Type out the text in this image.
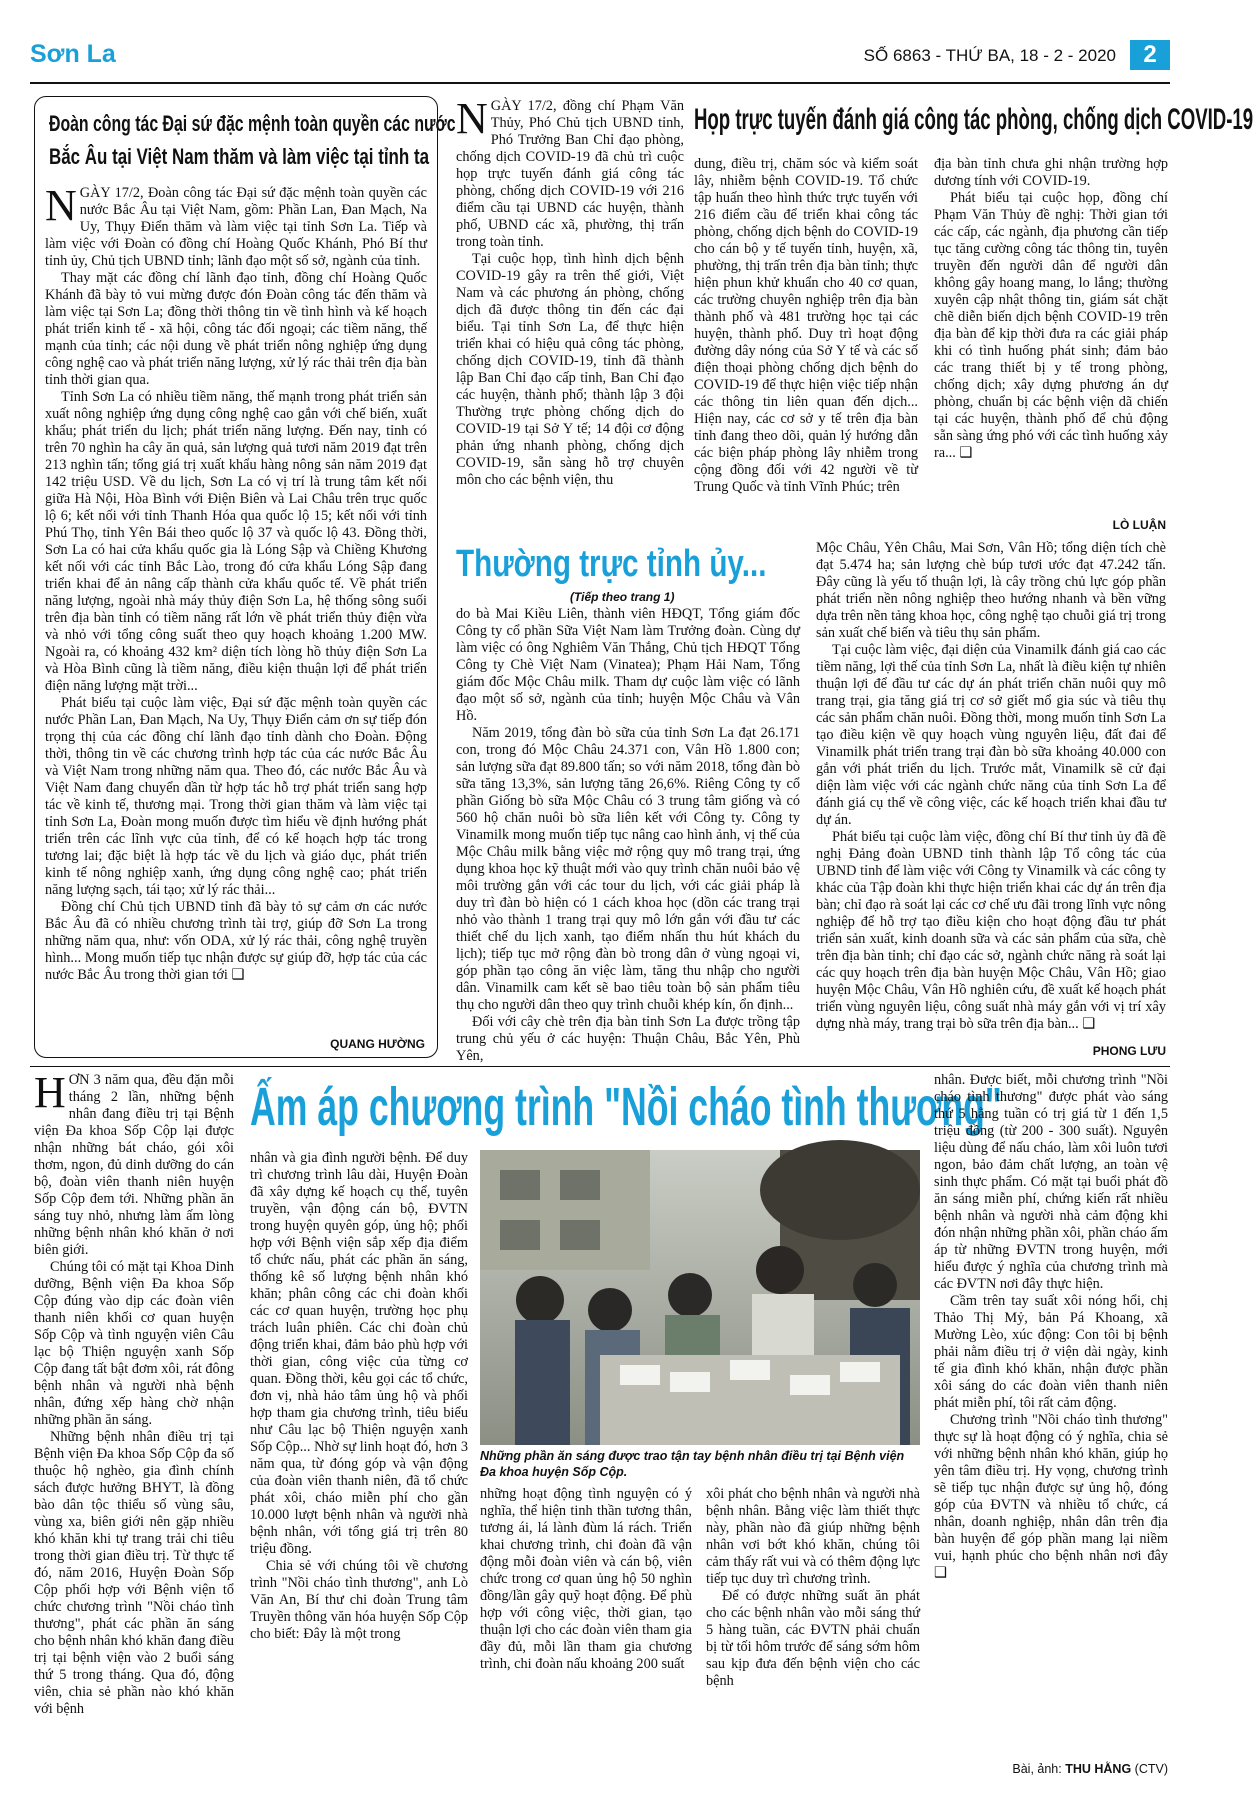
Sơn La	SỐ 6863 - THỨ BA, 18 - 2 - 2020	2
Đoàn công tác Đại sứ đặc mệnh toàn quyền các nước
Bắc Âu tại Việt Nam thăm và làm việc tại tỉnh ta

NGÀY 17/2, Đoàn công tác Đại sứ đặc mệnh toàn quyền các nước Bắc Âu tại Việt Nam, gồm: Phần Lan, Đan Mạch, Na Uy, Thụy Điển thăm và làm việc tại tỉnh Sơn La. Tiếp và làm việc với Đoàn có đồng chí Hoàng Quốc Khánh, Phó Bí thư tỉnh ủy, Chủ tịch UBND tỉnh; lãnh đạo một số sở, ngành của tỉnh.

Thay mặt các đồng chí lãnh đạo tỉnh, đồng chí Hoàng Quốc Khánh đã bày tỏ vui mừng được đón Đoàn công tác đến thăm và làm việc tại Sơn La; đồng thời thông tin về tình hình và kế hoạch phát triển kinh tế - xã hội, công tác đối ngoại; các tiềm năng, thế mạnh của tỉnh; các nội dung về phát triển nông nghiệp ứng dụng công nghệ cao và phát triển năng lượng, xử lý rác thải trên địa bàn tỉnh thời gian qua.

Tỉnh Sơn La có nhiều tiềm năng, thế mạnh trong phát triển sản xuất nông nghiệp ứng dụng công nghệ cao gắn với chế biến, xuất khẩu; phát triển du lịch; phát triển năng lượng. Đến nay, tỉnh có trên 70 nghìn ha cây ăn quả, sản lượng quả tươi năm 2019 đạt trên 213 nghìn tấn; tổng giá trị xuất khẩu hàng nông sản năm 2019 đạt 142 triệu USD. Về du lịch, Sơn La có vị trí là trung tâm kết nối giữa Hà Nội, Hòa Bình với Điện Biên và Lai Châu trên trục quốc lộ 6; kết nối với tỉnh Thanh Hóa qua quốc lộ 15; kết nối với tỉnh Phú Thọ, tỉnh Yên Bái theo quốc lộ 37 và quốc lộ 43. Đồng thời, Sơn La có hai cửa khẩu quốc gia là Lóng Sập và Chiềng Khương kết nối với các tỉnh Bắc Lào, trong đó cửa khẩu Lóng Sập đang triển khai để ản nâng cấp thành cửa khẩu quốc tế. Về phát triển năng lượng, ngoài nhà máy thủy điện Sơn La, hệ thống sông suối trên địa bàn tỉnh có tiềm năng rất lớn về phát triển thủy điện vừa và nhỏ với tổng công suất theo quy hoạch khoảng 1.200 MW. Ngoài ra, có khoảng 432 km² diện tích lòng hồ thủy điện Sơn La và Hòa Bình cũng là tiềm năng, điều kiện thuận lợi để phát triển điện năng lượng mặt trời...

Phát biểu tại cuộc làm việc, Đại sứ đặc mệnh toàn quyền các nước Phần Lan, Đan Mạch, Na Uy, Thụy Điển cảm ơn sự tiếp đón trọng thị của các đồng chí lãnh đạo tỉnh dành cho Đoàn. Động thời, thông tin về các chương trình hợp tác của các nước Bắc Âu và Việt Nam trong những năm qua. Theo đó, các nước Bắc Âu và Việt Nam đang chuyển dần từ hợp tác hỗ trợ phát triển sang hợp tác về kinh tế, thương mại. Trong thời gian thăm và làm việc tại tỉnh Sơn La, Đoàn mong muốn được tìm hiểu về định hướng phát triển trên các lĩnh vực của tỉnh, để có kế hoạch hợp tác trong tương lai; đặc biệt là hợp tác về du lịch và giáo dục, phát triển kinh tế nông nghiệp xanh, ứng dụng công nghệ cao; phát triển năng lượng sạch, tái tạo; xử lý rác thải...

Đồng chí Chủ tịch UBND tỉnh đã bày tỏ sự cảm ơn các nước Bắc Âu đã có nhiều chương trình tài trợ, giúp đỡ Sơn La trong những năm qua, như: vốn ODA, xử lý rác thải, công nghệ truyền hình... Mong muốn tiếp tục nhận được sự giúp đỡ, hợp tác của các nước Bắc Âu trong thời gian tới ❑

QUANG HƯỜNG

NGÀY 17/2, đồng chí Phạm Văn Thủy, Phó Chủ tịch UBND tỉnh, Phó Trưởng Ban Chỉ đạo phòng, chống dịch COVID-19 đã chủ trì cuộc họp trực tuyến đánh giá công tác phòng, chống dịch COVID-19 với 216 điểm cầu tại UBND các huyện, thành phố, UBND các xã, phường, thị trấn trong toàn tỉnh.

Tại cuộc họp, tình hình dịch bệnh COVID-19 gây ra trên thế giới, Việt Nam và các phương án phòng, chống dịch đã được thông tin đến các đại biểu. Tại tỉnh Sơn La, để thực hiện triển khai có hiệu quả công tác phòng, chống dịch COVID-19, tỉnh đã thành lập Ban Chỉ đạo cấp tỉnh, Ban Chỉ đạo các huyện, thành phố; thành lập 3 đội Thường trực phòng chống dịch do COVID-19 tại Sở Y tế; 14 đội cơ động phản ứng nhanh phòng, chống dịch COVID-19, sẵn sàng hỗ trợ chuyên môn cho các bệnh viện, thu

Họp trực tuyến đánh giá công tác phòng, chống dịch COVID-19

dung, điều trị, chăm sóc và kiểm soát lây, nhiễm bệnh COVID-19. Tổ chức tập huấn theo hình thức trực tuyến với 216 điểm cầu để triển khai công tác phòng, chống dịch bệnh do COVID-19 cho cán bộ y tế tuyến tỉnh, huyện, xã, phường, thị trấn trên địa bàn tỉnh; thực hiện phun khử khuẩn cho 40 cơ quan, các trường chuyên nghiệp trên địa bàn thành phố và 481 trường học tại các huyện, thành phố. Duy trì hoạt động đường dây nóng của Sở Y tế và các số điện thoại phòng chống dịch bệnh do COVID-19 để thực hiện việc tiếp nhận các thông tin liên quan đến dịch... Hiện nay, các cơ sở y tế trên địa bàn tỉnh đang theo dõi, quản lý hướng dẫn các biện pháp phòng lây nhiễm trong cộng đồng đối với 42 người về từ Trung Quốc và tỉnh Vĩnh Phúc; trên

địa bàn tỉnh chưa ghi nhận trường hợp dương tính với COVID-19.

Phát biểu tại cuộc họp, đồng chí Phạm Văn Thủy đề nghị: Thời gian tới các cấp, các ngành, địa phương cần tiếp tục tăng cường công tác thông tin, tuyên truyền đến người dân để người dân không gây hoang mang, lo lắng; thường xuyên cập nhật thông tin, giám sát chặt chẽ diễn biến dịch bệnh COVID-19 trên địa bàn để kịp thời đưa ra các giải pháp khi có tình huống phát sinh; đảm bảo các trang thiết bị y tế trong phòng, chống dịch; xây dựng phương án dự phòng, chuẩn bị các bệnh viện dã chiến tại các huyện, thành phố để chủ động sẵn sàng ứng phó với các tình huống xảy ra... ❑

LÒ LUẬN
Thường trực tỉnh ủy...
(Tiếp theo trang 1)

do bà Mai Kiều Liên, thành viên HĐQT, Tổng giám đốc Công ty cổ phần Sữa Việt Nam làm Trưởng đoàn. Cùng dự làm việc có ông Nghiêm Văn Thắng, Chủ tịch HĐQT Tổng Công ty Chè Việt Nam (Vinatea); Phạm Hải Nam, Tổng giám đốc Mộc Châu milk. Tham dự cuộc làm việc có lãnh đạo một số sở, ngành của tỉnh; huyện Mộc Châu và Vân Hồ.

Năm 2019, tổng đàn bò sữa của tỉnh Sơn La đạt 26.171 con, trong đó Mộc Châu 24.371 con, Vân Hồ 1.800 con; sản lượng sữa đạt 89.800 tấn; so với năm 2018, tổng đàn bò sữa tăng 13,3%, sản lượng tăng 26,6%. Riêng Công ty cổ phần Giống bò sữa Mộc Châu có 3 trung tâm giống và có 560 hộ chăn nuôi bò sữa liên kết với Công ty. Công ty Vinamilk mong muốn tiếp tục nâng cao hình ảnh, vị thế của Mộc Châu milk bằng việc mở rộng quy mô trang trại, ứng dụng khoa học kỹ thuật mới vào quy trình chăn nuôi bảo vệ môi trường gắn với các tour du lịch, với các giải pháp là duy trì đàn bò hiện có 1 cách khoa học (dồn các trang trại nhỏ vào thành 1 trang trại quy mô lớn gắn với đầu tư các thiết chế du lịch xanh, tạo điểm nhấn thu hút khách du lịch); tiếp tục mở rộng đàn bò trong dân ở vùng ngoại vi, góp phần tạo công ăn việc làm, tăng thu nhập cho người dân. Vinamilk cam kết sẽ bao tiêu toàn bộ sản phẩm tiêu thụ cho người dân theo quy trình chuỗi khép kín, ổn định...

Đối với cây chè trên địa bàn tỉnh Sơn La được trồng tập trung chủ yếu ở các huyện: Thuận Châu, Bắc Yên, Phù Yên,

Mộc Châu, Yên Châu, Mai Sơn, Vân Hồ; tổng diện tích chè đạt 5.474 ha; sản lượng chè búp tươi ước đạt 47.242 tấn. Đây cũng là yếu tố thuận lợi, là cây trồng chủ lực góp phần phát triển nền nông nghiệp theo hướng nhanh và bền vững dựa trên nền tảng khoa học, công nghệ tạo chuỗi giá trị trong sản xuất chế biến và tiêu thụ sản phẩm.

Tại cuộc làm việc, đại diện của Vinamilk đánh giá cao các tiềm năng, lợi thế của tỉnh Sơn La, nhất là điều kiện tự nhiên thuận lợi để đầu tư các dự án phát triển chăn nuôi quy mô trang trại, gia tăng giá trị cơ sở giết mổ gia súc và tiêu thụ các sản phẩm chăn nuôi. Đồng thời, mong muốn tỉnh Sơn La tạo điều kiện về quy hoạch vùng nguyên liệu, đất đai để Vinamilk phát triển trang trại đàn bò sữa khoảng 40.000 con gắn với phát triển du lịch. Trước mắt, Vinamilk sẽ cử đại diện làm việc với các ngành chức năng của tỉnh Sơn La để đánh giá cụ thể về công việc, các kế hoạch triển khai đầu tư dự án.

Phát biểu tại cuộc làm việc, đồng chí Bí thư tỉnh ủy đã đề nghị Đảng đoàn UBND tỉnh thành lập Tổ công tác của UBND tỉnh để làm việc với Công ty Vinamilk và các công ty khác của Tập đoàn khi thực hiện triển khai các dự án trên địa bàn; chỉ đạo rà soát lại các cơ chế ưu đãi trong lĩnh vực nông nghiệp để hỗ trợ tạo điều kiện cho hoạt động đầu tư phát triển sản xuất, kinh doanh sữa và các sản phẩm của sữa, chè trên địa bàn tỉnh; chỉ đạo các sở, ngành chức năng rà soát lại các quy hoạch trên địa bàn huyện Mộc Châu, Vân Hồ; giao huyện Mộc Châu, Vân Hồ nghiên cứu, đề xuất kế hoạch phát triển vùng nguyên liệu, công suất nhà máy gắn với vị trí xây dựng nhà máy, trang trại bò sữa trên địa bàn... ❑

PHONG LƯU

HƠN 3 năm qua, đều đặn mỗi tháng 2 lần, những bệnh nhân đang điều trị tại Bệnh viện Đa khoa Sốp Cộp lại được nhận những bát cháo, gói xôi thơm, ngon, đủ dinh dưỡng do cán bộ, đoàn viên thanh niên huyện Sốp Cộp đem tới. Những phần ăn sáng tuy nhỏ, nhưng làm ấm lòng những bệnh nhân khó khăn ở nơi biên giới.

Chúng tôi có mặt tại Khoa Dinh dưỡng, Bệnh viện Đa khoa Sốp Cộp đúng vào dịp các đoàn viên thanh niên khối cơ quan huyện Sốp Cộp và tình nguyện viên Câu lạc bộ Thiện nguyện xanh Sốp Cộp đang tất bật đơm xôi, rát đông bệnh nhân và người nhà bệnh nhân, đứng xếp hàng chờ nhận những phần ăn sáng.

Những bệnh nhân điều trị tại Bệnh viện Đa khoa Sốp Cộp đa số thuộc hộ nghèo, gia đình chính sách được hưởng BHYT, là đồng bào dân tộc thiểu số vùng sâu, vùng xa, biên giới nên gặp nhiều khó khăn khi tự trang trải chi tiêu trong thời gian điều trị. Từ thực tế đó, năm 2016, Huyện Đoàn Sốp Cộp phối hợp với Bệnh viện tổ chức chương trình "Nồi cháo tình thương", phát các phần ăn sáng cho bệnh nhân khó khăn đang điều trị tại bệnh viện vào 2 buổi sáng thứ 5 trong tháng. Qua đó, động viên, chia sẻ phần nào khó khăn với bệnh

Ấm áp chương trình "Nồi cháo tình thương"
Những phần ăn sáng được trao tận tay bệnh nhân điều trị tại Bệnh viện Đa khoa huyện Sốp Cộp.

nhân và gia đình người bệnh. Để duy trì chương trình lâu dài, Huyện Đoàn đã xây dựng kế hoạch cụ thể, tuyên truyền, vận động cán bộ, ĐVTN trong huyện quyên góp, ủng hộ; phối hợp với Bệnh viện sắp xếp địa điểm tổ chức nấu, phát các phần ăn sáng, thống kê số lượng bệnh nhân khó khăn; phân công các chi đoàn khối các cơ quan huyện, trường học phụ trách luân phiên. Các chi đoàn chủ động triển khai, đảm bảo phù hợp với thời gian, công việc của từng cơ quan. Đồng thời, kêu gọi các tổ chức, đơn vị, nhà hảo tâm ủng hộ và phối hợp tham gia chương trình, tiêu biểu như Câu lạc bộ Thiện nguyện xanh Sốp Cộp... Nhờ sự linh hoạt đó, hơn 3 năm qua, từ đóng góp và vận động của đoàn viên thanh niên, đã tổ chức phát xôi, cháo miễn phí cho gần 10.000 lượt bệnh nhân và người nhà bệnh nhân, với tổng giá trị trên 80 triệu đồng.

Chia sẻ với chúng tôi về chương trình "Nồi cháo tình thương", anh Lò Văn An, Bí thư chi đoàn Trung tâm Truyền thông văn hóa huyện Sốp Cộp cho biết: Đây là một trong

những hoạt động tình nguyện có ý nghĩa, thể hiện tinh thần tương thân, tương ái, lá lành đùm lá rách. Triển khai chương trình, chi đoàn đã vận động mỗi đoàn viên và cán bộ, viên chức trong cơ quan ủng hộ 50 nghìn đồng/lần gây quỹ hoạt động. Để phù hợp với công việc, thời gian, tạo thuận lợi cho các đoàn viên tham gia đầy đủ, mỗi lần tham gia chương trình, chi đoàn nấu khoảng 200 suất

xôi phát cho bệnh nhân và người nhà bệnh nhân. Bằng việc làm thiết thực này, phần nào đã giúp những bệnh nhân vơi bớt khó khăn, chúng tôi cảm thấy rất vui và có thêm động lực tiếp tục duy trì chương trình.

Để có được những suất ăn phát cho các bệnh nhân vào mỗi sáng thứ 5 hàng tuần, các ĐVTN phải chuẩn bị từ tối hôm trước để sáng sớm hôm sau kịp đưa đến bệnh viện cho các bệnh

nhân. Được biết, mỗi chương trình "Nồi cháo tình thương" được phát vào sáng thứ 5 hằng tuần có trị giá từ 1 đến 1,5 triệu đồng (từ 200 - 300 suất). Nguyên liệu dùng để nấu cháo, làm xôi luôn tươi ngon, bảo đảm chất lượng, an toàn vệ sinh thực phẩm. Có mặt tại buổi phát đồ ăn sáng miễn phí, chứng kiến rất nhiều bệnh nhân và người nhà cảm động khi đón nhận những phần xôi, phần cháo ấm áp từ những ĐVTN trong huyện, mới hiểu được ý nghĩa của chương trình mà các ĐVTN nơi đây thực hiện.

Cầm trên tay suất xôi nóng hổi, chị Thảo Thị Mỷ, bản Pá Khoang, xã Mường Lèo, xúc động: Con tôi bị bệnh phải nằm điều trị ở viện dài ngày, kinh tế gia đình khó khăn, nhận được phần xôi sáng do các đoàn viên thanh niên phát miễn phí, tôi rất cảm động.

Chương trình "Nồi cháo tình thương" thực sự là hoạt động có ý nghĩa, chia sẻ với những bệnh nhân khó khăn, giúp họ yên tâm điều trị. Hy vọng, chương trình sẽ tiếp tục nhận được sự ủng hộ, đóng góp của ĐVTN và nhiều tổ chức, cá nhân, doanh nghiệp, nhân dân trên địa bàn huyện để góp phần mang lại niềm vui, hạnh phúc cho bệnh nhân nơi đây ❑

Bài, ảnh: THU HẰNG (CTV)
